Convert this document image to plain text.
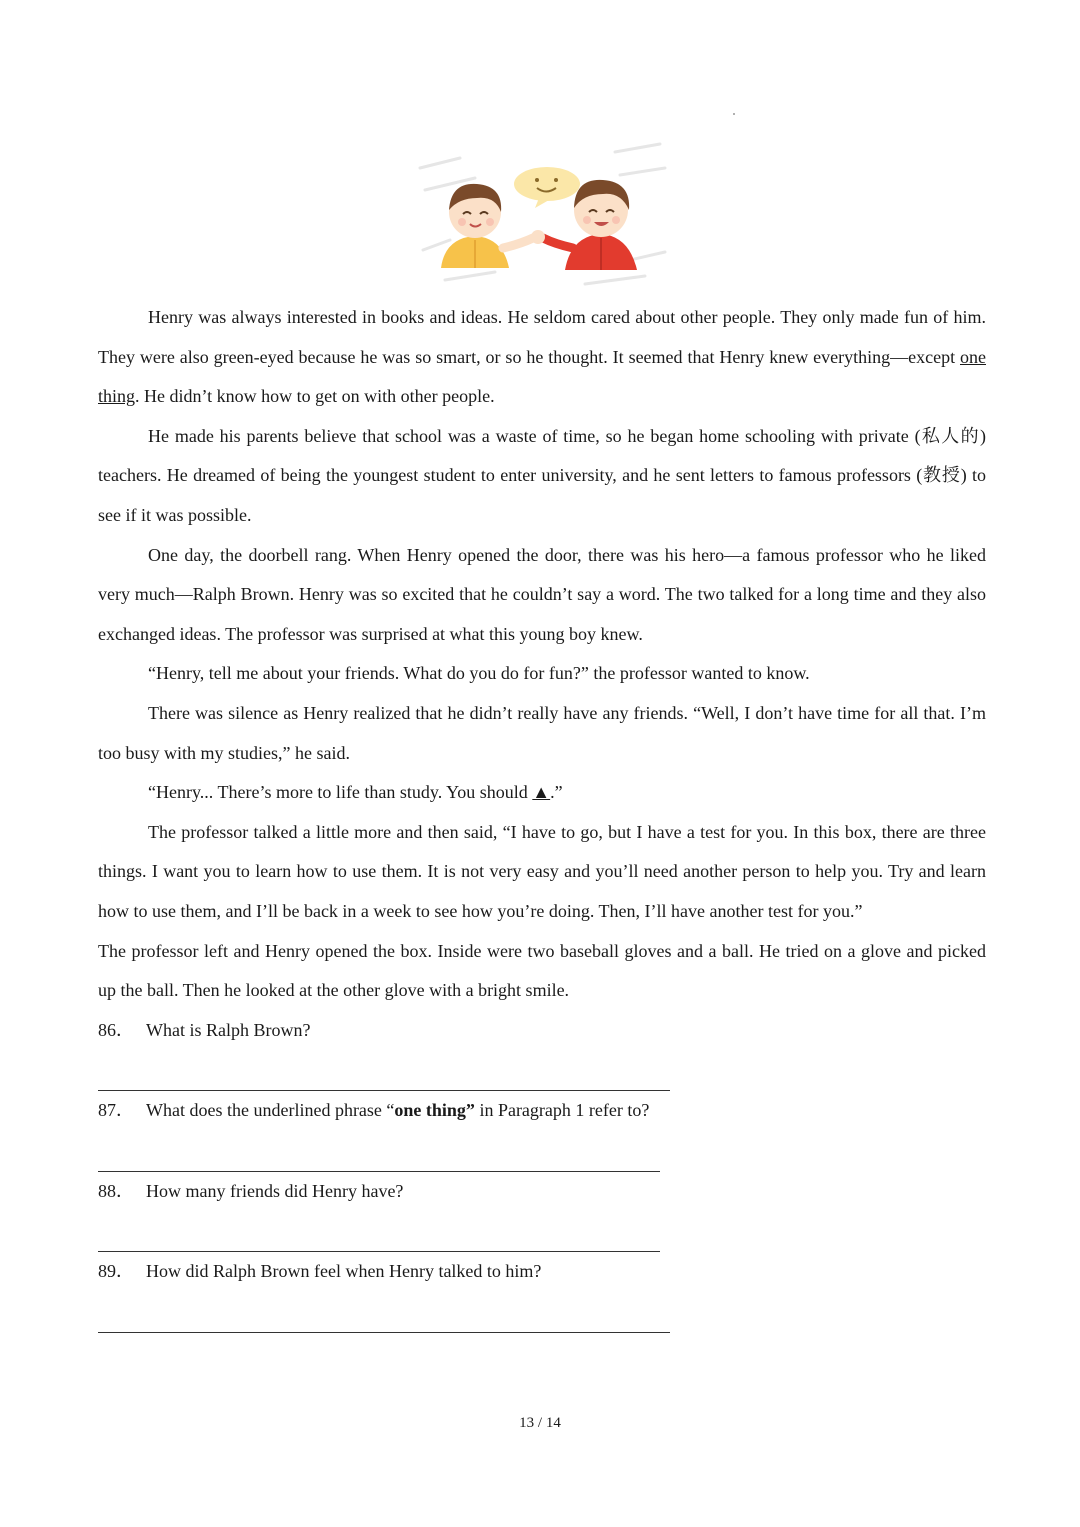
Henry was always interested in books and ideas. He seldom cared about other people. They only made fun of him. They were also green-eyed because he was so smart, or so he thought. It seemed that Henry knew everything—except one thing. He didn’t know how to get on with other people.

He made his parents believe that school was a waste of time, so he began home schooling with private (私人的) teachers. He dreamed of being the youngest student to enter university, and he sent letters to famous professors (教授) to see if it was possible.

One day, the doorbell rang. When Henry opened the door, there was his hero—a famous professor who he liked very much—Ralph Brown. Henry was so excited that he couldn’t say a word. The two talked for a long time and they also exchanged ideas. The professor was surprised at what this young boy knew.

“Henry, tell me about your friends. What do you do for fun?” the professor wanted to know.

There was silence as Henry realized that he didn’t really have any friends. “Well, I don’t have time for all that. I’m too busy with my studies,” he said.

“Henry... There’s more to life than study. You should ▲.”

The professor talked a little more and then said, “I have to go, but I have a test for you. In this box, there are three things. I want you to learn how to use them. It is not very easy and you’ll need another person to help you. Try and learn how to use them, and I’ll be back in a week to see how you’re doing. Then, I’ll have another test for you.”

The professor left and Henry opened the box. Inside were two baseball gloves and a ball. He tried on a glove and picked up the ball. Then he looked at the other glove with a bright smile.

86． What is Ralph Brown?

87． What does the underlined phrase “one thing” in Paragraph 1 refer to?

88． How many friends did Henry have?

89． How did Ralph Brown feel when Henry talked to him?

13 / 14
